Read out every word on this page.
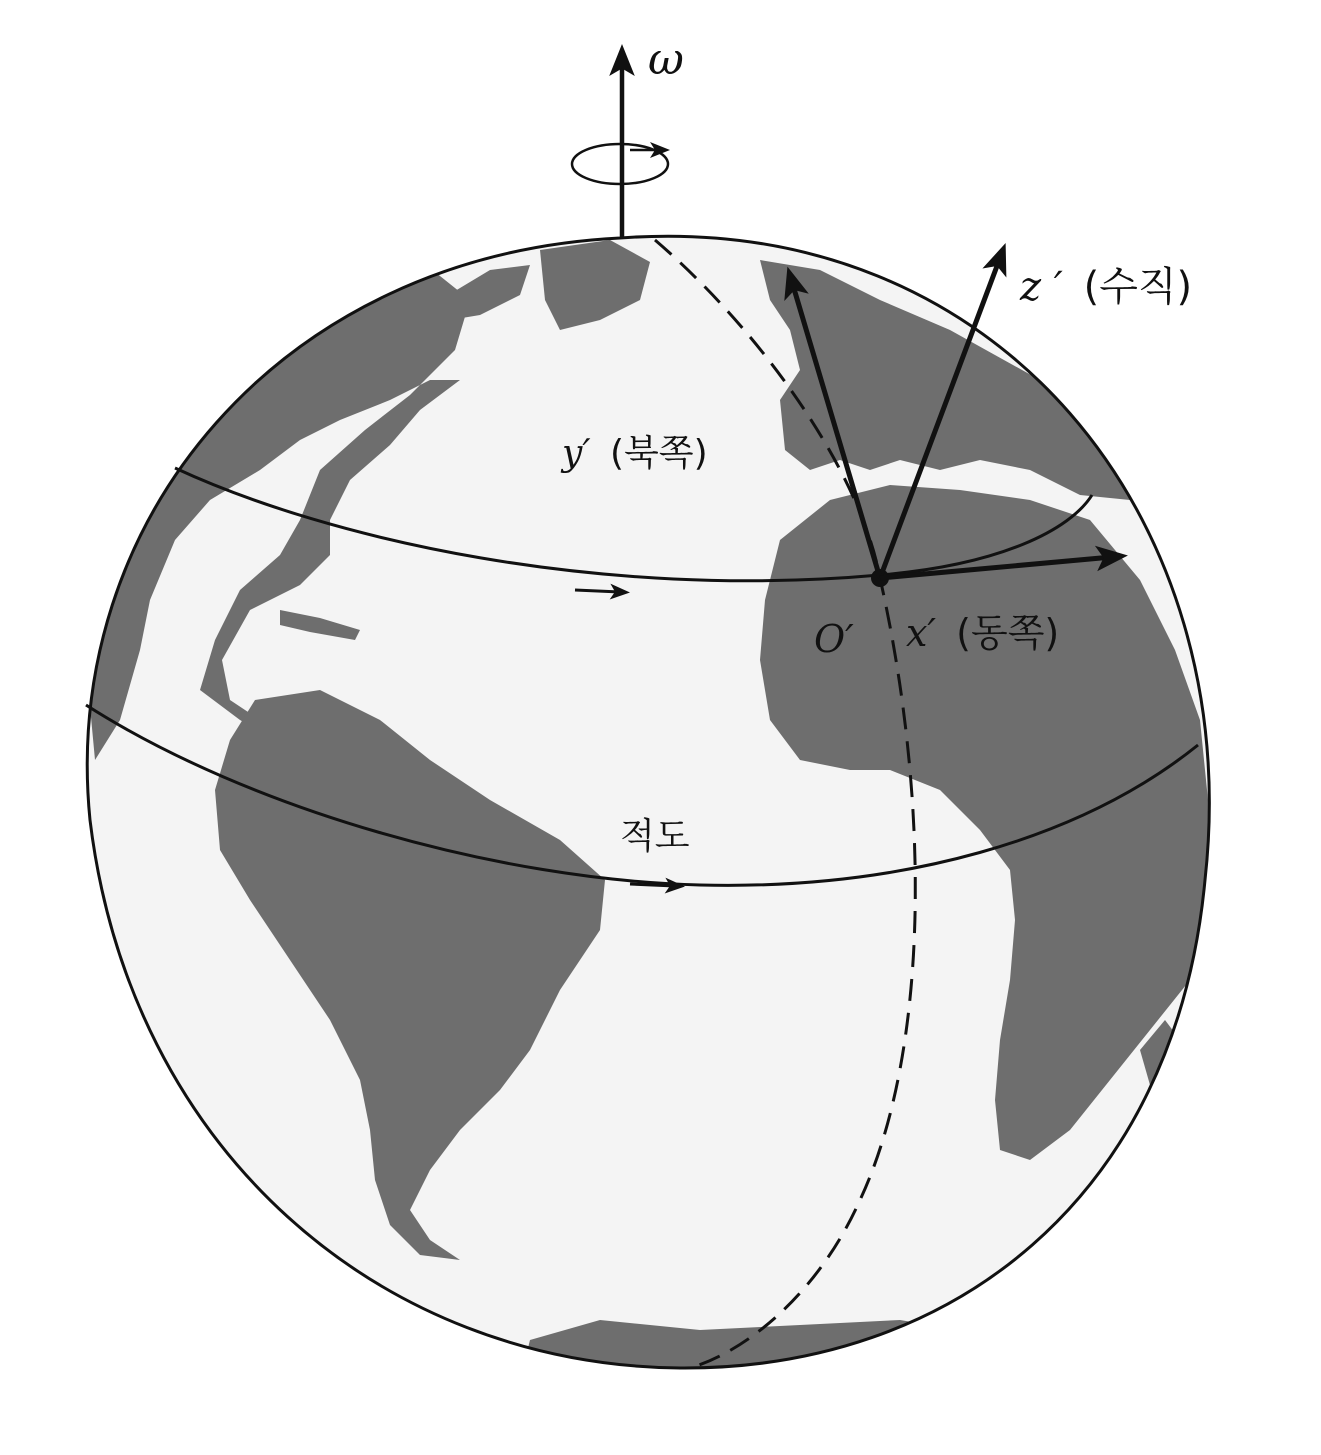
ω
z ′ (수직)
y′ (북쪽)
O′ x′ (동쪽)
적도
